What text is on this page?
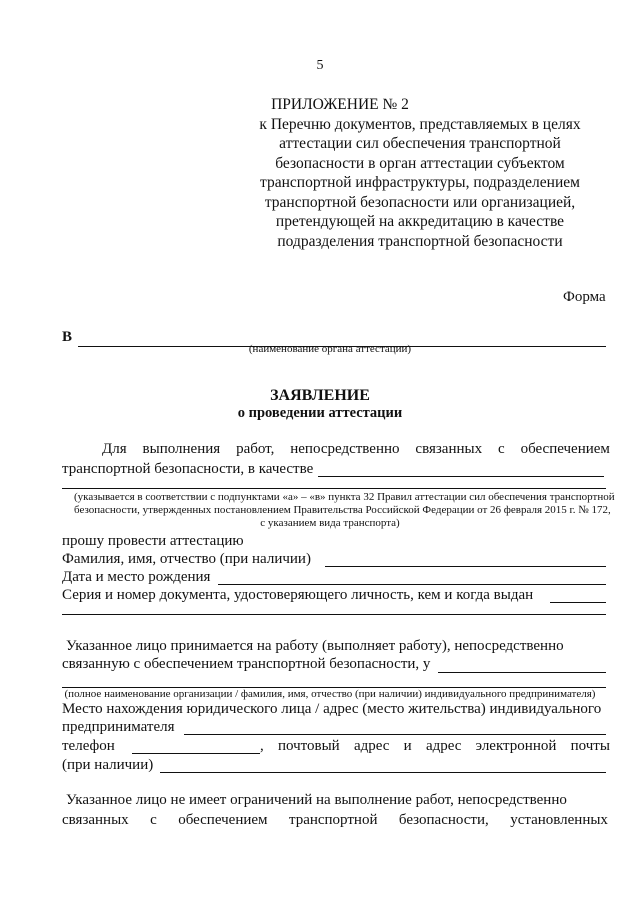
5
ПРИЛОЖЕНИЕ № 2
к Перечню документов, представляемых в целях
аттестации сил обеспечения транспортной
безопасности в орган аттестации субъектом
транспортной инфраструктуры, подразделением
транспортной безопасности или организацией,
претендующей на аккредитацию в качестве
подразделения транспортной безопасности
Форма
В
(наименование органа аттестации)
ЗАЯВЛЕНИЕ
о проведении аттестации
Для выполнения работ, непосредственно связанных с обеспечением
транспортной безопасности, в качестве
(указывается в соответствии с подпунктами «а» – «в» пункта 32 Правил аттестации сил обеспечения транспортной
безопасности, утвержденных постановлением Правительства Российской Федерации от 26 февраля 2015 г. № 172,
с указанием вида транспорта)
прошу провести аттестацию
Фамилия, имя, отчество (при наличии)
Дата и место рождения
Серия и номер документа, удостоверяющего личность, кем и когда выдан
Указанное лицо принимается на работу (выполняет работу), непосредственно
связанную с обеспечением транспортной безопасности, у
(полное наименование организации / фамилия, имя, отчество (при наличии) индивидуального предпринимателя)
Место нахождения юридического лица / адрес (место жительства) индивидуального
предпринимателя
телефон	, почтовый адрес и адрес электронной почты
(при наличии)
Указанное лицо не имеет ограничений на выполнение работ, непосредственно
связанных с обеспечением транспортной безопасности, установленных
